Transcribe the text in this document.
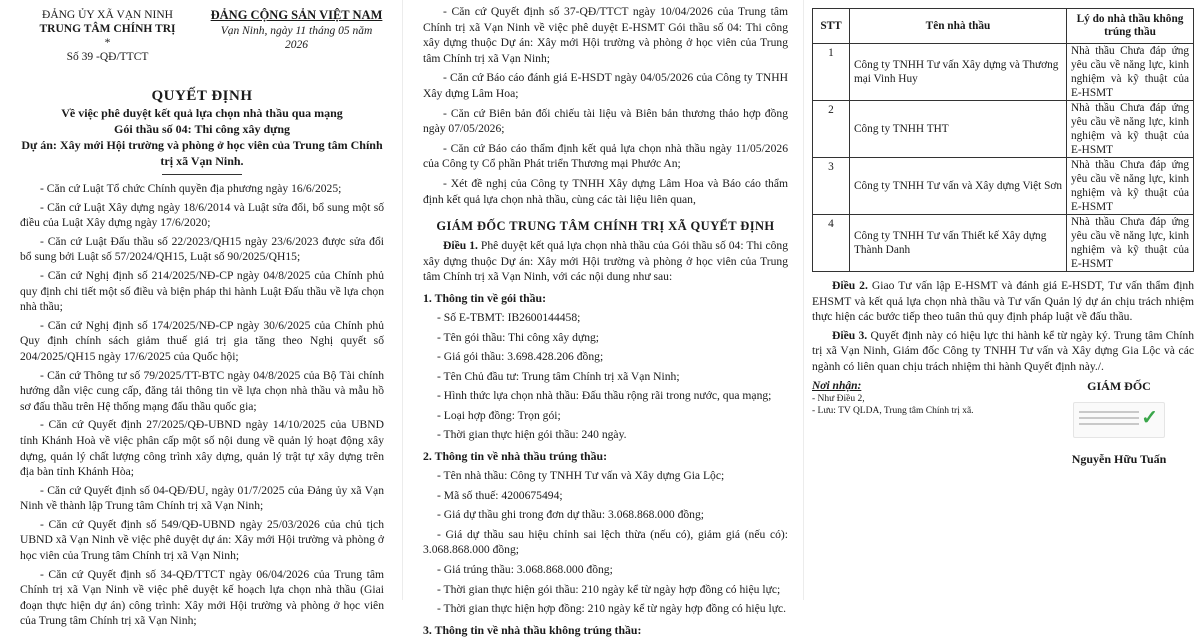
ĐẢNG ỦY XÃ VẠN NINH

TRUNG TÂM CHÍNH TRỊ

*

Số 39 -QĐ/TTCT

ĐẢNG CỘNG SẢN VIỆT NAM

Vạn Ninh, ngày 11 tháng 05 năm 2026

QUYẾT ĐỊNH

Về việc phê duyệt kết quả lựa chọn nhà thầu qua mạng

Gói thầu số 04: Thi công xây dựng

Dự án: Xây mới Hội trường và phòng ở học viên của Trung tâm Chính trị xã Vạn Ninh.

- Căn cứ Luật Tổ chức Chính quyền địa phương ngày 16/6/2025;

- Căn cứ Luật Xây dựng ngày 18/6/2014 và Luật sửa đổi, bổ sung một số điều của Luật Xây dựng ngày 17/6/2020;

- Căn cứ Luật Đấu thầu số 22/2023/QH15 ngày 23/6/2023 được sửa đổi bổ sung bởi Luật số 57/2024/QH15, Luật số 90/2025/QH15;

- Căn cứ Nghị định số 214/2025/NĐ-CP ngày 04/8/2025 của Chính phủ quy định chi tiết một số điều và biện pháp thi hành Luật Đấu thầu về lựa chọn nhà thầu;

- Căn cứ Nghị định số 174/2025/NĐ-CP ngày 30/6/2025 của Chính phủ Quy định chính sách giảm thuế giá trị gia tăng theo Nghị quyết số 204/2025/QH15 ngày 17/6/2025 của Quốc hội;

- Căn cứ Thông tư số 79/2025/TT-BTC ngày 04/8/2025 của Bộ Tài chính hướng dẫn việc cung cấp, đăng tải thông tin về lựa chọn nhà thầu và mẫu hồ sơ đấu thầu trên Hệ thống mạng đấu thầu quốc gia;

- Căn cứ Quyết định 27/2025/QĐ-UBND ngày 14/10/2025 của UBND tỉnh Khánh Hoà về việc phân cấp một số nội dung về quản lý hoạt động xây dựng, quản lý chất lượng công trình xây dựng, quản lý trật tự xây dựng trên địa bàn tỉnh Khánh Hòa;

- Căn cứ Quyết định số 04-QĐ/ĐU, ngày 01/7/2025 của Đảng ủy xã Vạn Ninh về thành lập Trung tâm Chính trị xã Vạn Ninh;

- Căn cứ Quyết định số 549/QĐ-UBND ngày 25/03/2026 của chủ tịch UBND xã Vạn Ninh về việc phê duyệt dự án: Xây mới Hội trường và phòng ở học viên của Trung tâm Chính trị xã Vạn Ninh;

- Căn cứ Quyết định số 34-QĐ/TTCT ngày 06/04/2026 của Trung tâm Chính trị xã Vạn Ninh về việc phê duyệt kế hoạch lựa chọn nhà thầu (Giai đoạn thực hiện dự án) công trình: Xây mới Hội trường và phòng ở học viên của Trung tâm Chính trị xã Vạn Ninh;

- Căn cứ Quyết định số 37-QĐ/TTCT ngày 10/04/2026 của Trung tâm Chính trị xã Vạn Ninh về việc phê duyệt E-HSMT Gói thầu số 04: Thi công xây dựng thuộc Dự án: Xây mới Hội trường và phòng ở học viên của Trung tâm Chính trị xã Vạn Ninh;

- Căn cứ Báo cáo đánh giá E-HSDT ngày 04/05/2026 của Công ty TNHH Xây dựng Lâm Hoa;

- Căn cứ Biên bản đối chiếu tài liệu và Biên bản thương thảo hợp đồng ngày 07/05/2026;

- Căn cứ Báo cáo thẩm định kết quả lựa chọn nhà thầu ngày 11/05/2026 của Công ty Cổ phần Phát triển Thương mại Phước An;

- Xét đề nghị của Công ty TNHH Xây dựng Lâm Hoa và Báo cáo thẩm định kết quả lựa chọn nhà thầu, cùng các tài liệu liên quan,

GIÁM ĐỐC TRUNG TÂM CHÍNH TRỊ XÃ QUYẾT ĐỊNH

Điều 1. Phê duyệt kết quả lựa chọn nhà thầu của Gói thầu số 04: Thi công xây dựng thuộc Dự án: Xây mới Hội trường và phòng ở học viên của Trung tâm Chính trị xã Vạn Ninh, với các nội dung như sau:

1. Thông tin về gói thầu:

- Số E-TBMT: IB2600144458;

- Tên gói thầu: Thi công xây dựng;

- Giá gói thầu: 3.698.428.206 đồng;

- Tên Chủ đầu tư: Trung tâm Chính trị xã Vạn Ninh;

- Hình thức lựa chọn nhà thầu: Đấu thầu rộng rãi trong nước, qua mạng;

- Loại hợp đồng: Trọn gói;

- Thời gian thực hiện gói thầu: 240 ngày.

2. Thông tin về nhà thầu trúng thầu:

- Tên nhà thầu: Công ty TNHH Tư vấn và Xây dựng Gia Lộc;

- Mã số thuế: 4200675494;

- Giá dự thầu ghi trong đơn dự thầu: 3.068.868.000 đồng;

- Giá dự thầu sau hiệu chỉnh sai lệch thừa (nếu có), giảm giá (nếu có): 3.068.868.000 đồng;

- Giá trúng thầu: 3.068.868.000 đồng;

- Thời gian thực hiện gói thầu: 210 ngày kể từ ngày hợp đồng có hiệu lực;

- Thời gian thực hiện hợp đồng: 210 ngày kể từ ngày hợp đồng có hiệu lực.

3. Thông tin về nhà thầu không trúng thầu:

STT	Tên nhà thầu	Lý do nhà thầu không trúng thầu
1	Công ty TNHH Tư vấn Xây dựng và Thương mại Vinh Huy	Nhà thầu Chưa đáp ứng yêu cầu về năng lực, kinh nghiệm và kỹ thuật của E-HSMT
2	Công ty TNHH THT	Nhà thầu Chưa đáp ứng yêu cầu về năng lực, kinh nghiệm và kỹ thuật của E-HSMT
3	Công ty TNHH Tư vấn và Xây dựng Việt Sơn	Nhà thầu Chưa đáp ứng yêu cầu về năng lực, kinh nghiệm và kỹ thuật của E-HSMT
4	Công ty TNHH Tư vấn Thiết kế Xây dựng Thành Danh	Nhà thầu Chưa đáp ứng yêu cầu về năng lực, kinh nghiệm và kỹ thuật của E-HSMT

Điều 2. Giao Tư vấn lập E-HSMT và đánh giá E-HSDT, Tư vấn thẩm định EHSMT và kết quả lựa chọn nhà thầu và Tư vấn Quản lý dự án chịu trách nhiệm thực hiện các bước tiếp theo tuân thủ quy định pháp luật về đấu thầu.

Điều 3. Quyết định này có hiệu lực thi hành kể từ ngày ký. Trung tâm Chính trị xã Vạn Ninh, Giám đốc Công ty TNHH Tư vấn và Xây dựng Gia Lộc và các ngành có liên quan chịu trách nhiệm thi hành Quyết định này./.

Nơi nhận:

- Như Điều 2,

- Lưu: TV QLDA, Trung tâm Chính trị xã.

GIÁM ĐỐC

✓

Nguyễn Hữu Tuấn
